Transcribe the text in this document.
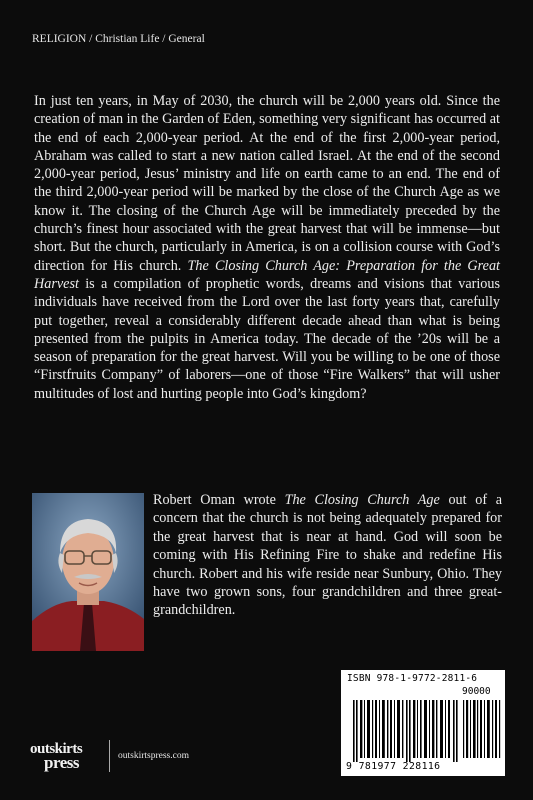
RELIGION / Christian Life / General

In just ten years, in May of 2030, the church will be 2,000 years old. Since the creation of man in the Garden of Eden, something very significant has occurred at the end of each 2,000-year period. At the end of the first 2,000-year period, Abraham was called to start a new nation called Israel. At the end of the second 2,000-year period, Jesus’ ministry and life on earth came to an end. The end of the third 2,000-year period will be marked by the close of the Church Age as we know it. The closing of the Church Age will be immediately preceded by the church’s finest hour associated with the great harvest that will be immense—but short. But the church, particularly in America, is on a collision course with God’s direction for His church. The Closing Church Age: Preparation for the Great Harvest is a compilation of prophetic words, dreams and visions that various individuals have received from the Lord over the last forty years that, carefully put together, reveal a considerably different decade ahead than what is being presented from the pulpits in America today. The decade of the ’20s will be a season of preparation for the great harvest. Will you be willing to be one of those “Firstfruits Company” of laborers—one of those “Fire Walkers” that will usher multitudes of lost and hurting people into God’s kingdom?

Robert Oman wrote The Closing Church Age out of a concern that the church is not being adequately prepared for the great harvest that is near at hand. God will soon be coming with His Refining Fire to shake and redefine His church. Robert and his wife reside near Sunbury, Ohio. They have two grown sons, four grandchildren and three great-grandchildren.

ISBN 978-1-9772-2811-6
90000
9 781977 228116
outskirts
press	outskirtspress.com
